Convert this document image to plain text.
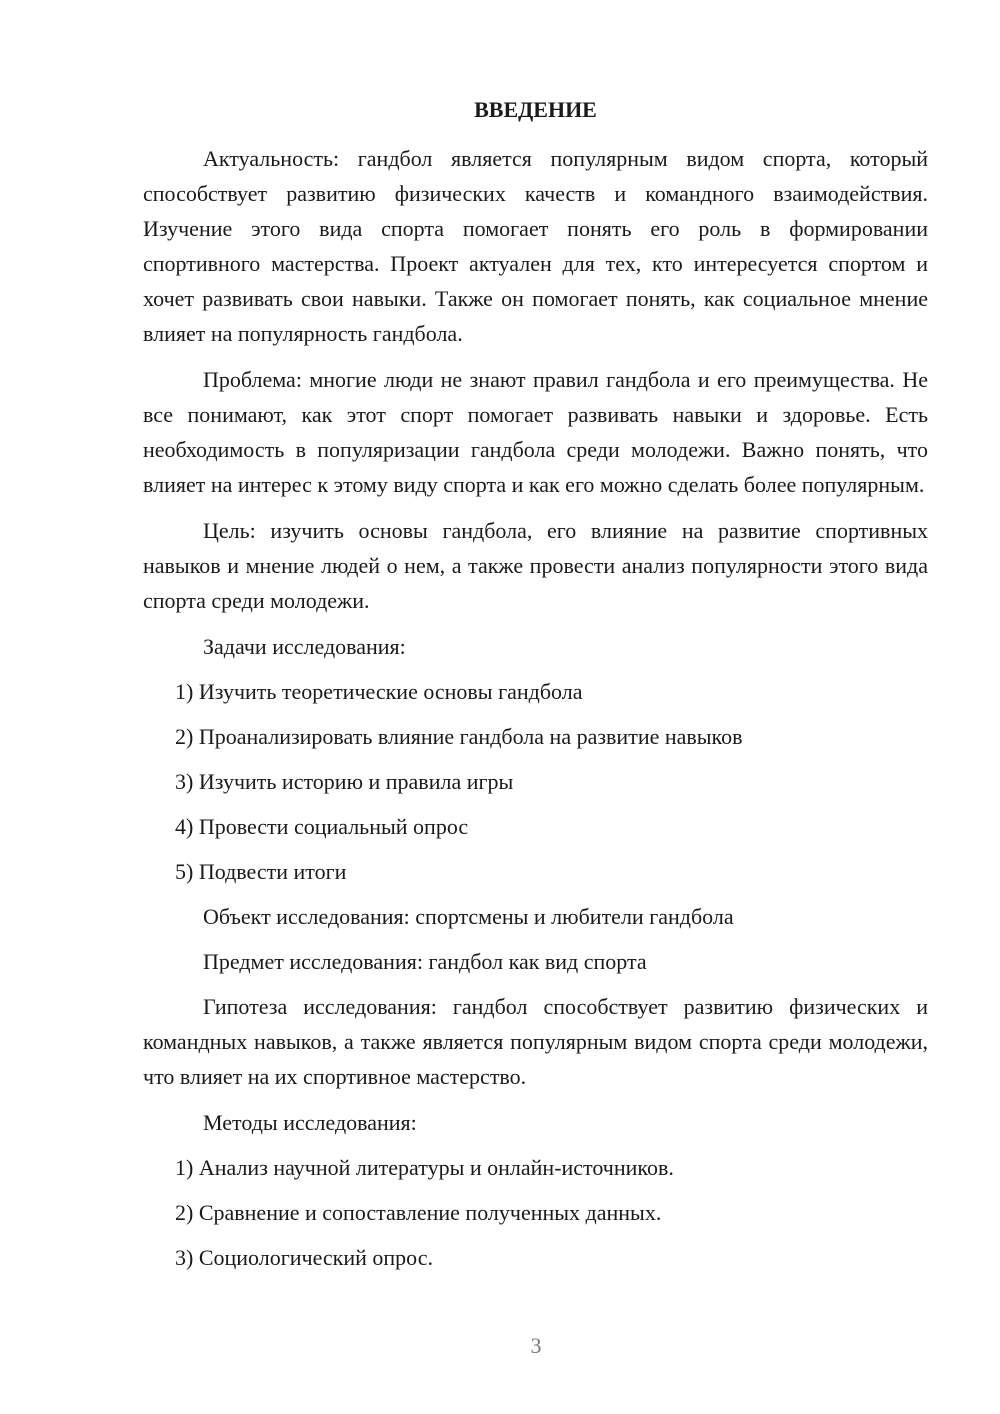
ВВЕДЕНИЕ

Актуальность: гандбол является популярным видом спорта, который способствует развитию физических качеств и командного взаимодействия. Изучение этого вида спорта помогает понять его роль в формировании спортивного мастерства. Проект актуален для тех, кто интересуется спортом и хочет развивать свои навыки. Также он помогает понять, как социальное мнение влияет на популярность гандбола.

Проблема: многие люди не знают правил гандбола и его преимущества. Не все понимают, как этот спорт помогает развивать навыки и здоровье. Есть необходимость в популяризации гандбола среди молодежи. Важно понять, что влияет на интерес к этому виду спорта и как его можно сделать более популярным.

Цель: изучить основы гандбола, его влияние на развитие спортивных навыков и мнение людей о нем, а также провести анализ популярности этого вида спорта среди молодежи.

Задачи исследования:

1) Изучить теоретические основы гандбола

2) Проанализировать влияние гандбола на развитие навыков

3) Изучить историю и правила игры

4) Провести социальный опрос

5) Подвести итоги

Объект исследования: спортсмены и любители гандбола

Предмет исследования: гандбол как вид спорта

Гипотеза исследования: гандбол способствует развитию физических и командных навыков, а также является популярным видом спорта среди молодежи, что влияет на их спортивное мастерство.

Методы исследования:

1) Анализ научной литературы и онлайн-источников.

2) Сравнение и сопоставление полученных данных.

3) Социологический опрос.

3
